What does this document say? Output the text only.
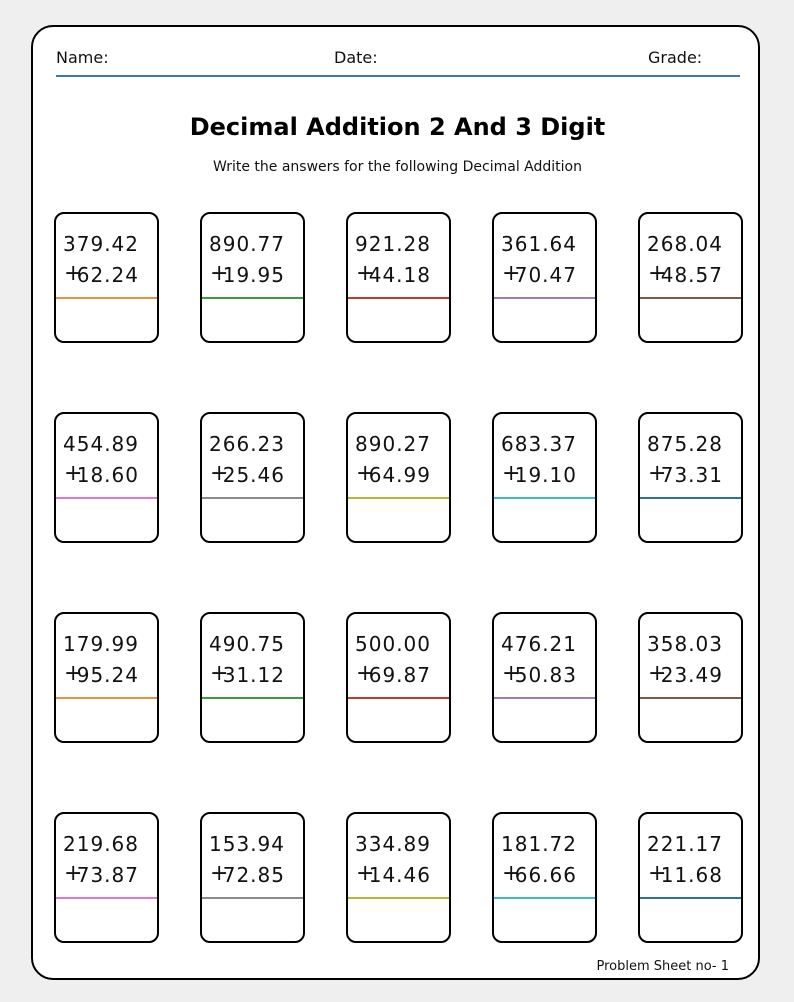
Name:	Date:	Grade:
Decimal Addition 2 And 3 Digit
Write the answers for the following Decimal Addition
379.42
+
62.24
890.77
+
19.95
921.28
+
44.18
361.64
+
70.47
268.04
+
48.57
454.89
+
18.60
266.23
+
25.46
890.27
+
64.99
683.37
+
19.10
875.28
+
73.31
179.99
+
95.24
490.75
+
31.12
500.00
+
69.87
476.21
+
50.83
358.03
+
23.49
219.68
+
73.87
153.94
+
72.85
334.89
+
14.46
181.72
+
66.66
221.17
+
11.68
Problem Sheet no- 1
